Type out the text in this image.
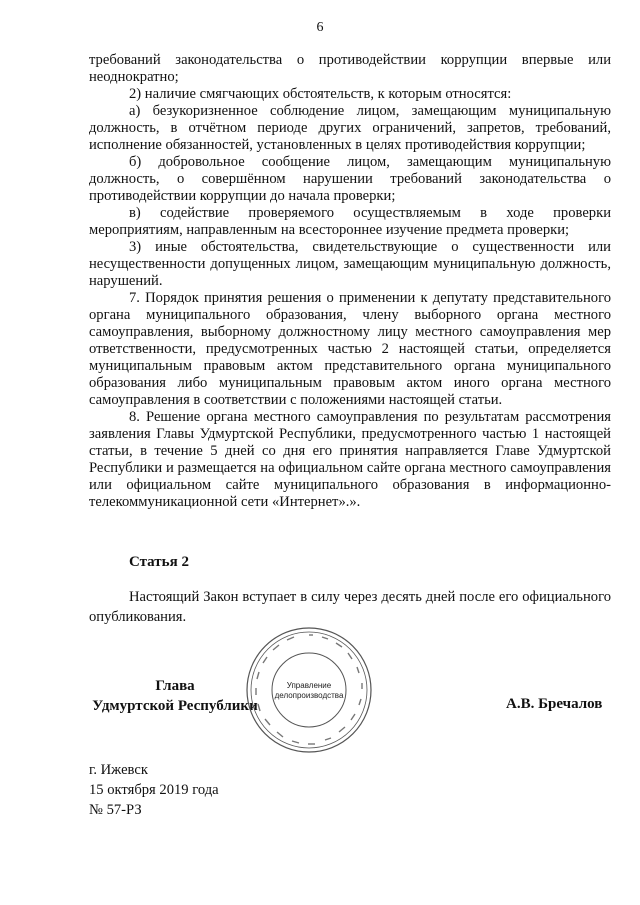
6

требований законодательства о противодействии коррупции впервые или неоднократно;

2) наличие смягчающих обстоятельств, к которым относятся:

а) безукоризненное соблюдение лицом, замещающим муниципальную должность, в отчётном периоде других ограничений, запретов, требований, исполнение обязанностей, установленных в целях противодействия коррупции;

б) добровольное сообщение лицом, замещающим муниципальную должность, о совершённом нарушении требований законодательства о противодействии коррупции до начала проверки;

в) содействие проверяемого осуществляемым в ходе проверки мероприятиям, направленным на всестороннее изучение предмета проверки;

3) иные обстоятельства, свидетельствующие о существенности или несущественности допущенных лицом, замещающим муниципальную должность, нарушений.

7. Порядок принятия решения о применении к депутату представительного органа муниципального образования, члену выборного органа местного самоуправления, выборному должностному лицу местного самоуправления мер ответственности, предусмотренных частью 2 настоящей статьи, определяется муниципальным правовым актом представительного органа муниципального образования либо муниципальным правовым актом иного органа местного самоуправления в соответствии с положениями настоящей статьи.

8. Решение органа местного самоуправления по результатам рассмотрения заявления Главы Удмуртской Республики, предусмотренного частью 1 настоящей статьи, в течение 5 дней со дня его принятия направляется Главе Удмуртской Республики и размещается на официальном сайте органа местного самоуправления или официальном сайте муниципального образования в информационно-телекоммуникационной сети «Интернет».».

Статья 2
Настоящий Закон вступает в силу через десять дней после его официального опубликования.
Глава
Удмуртской Республики
Управление
делопроизводства
А.В. Бречалов
г. Ижевск
15 октября 2019 года
№ 57-РЗ
